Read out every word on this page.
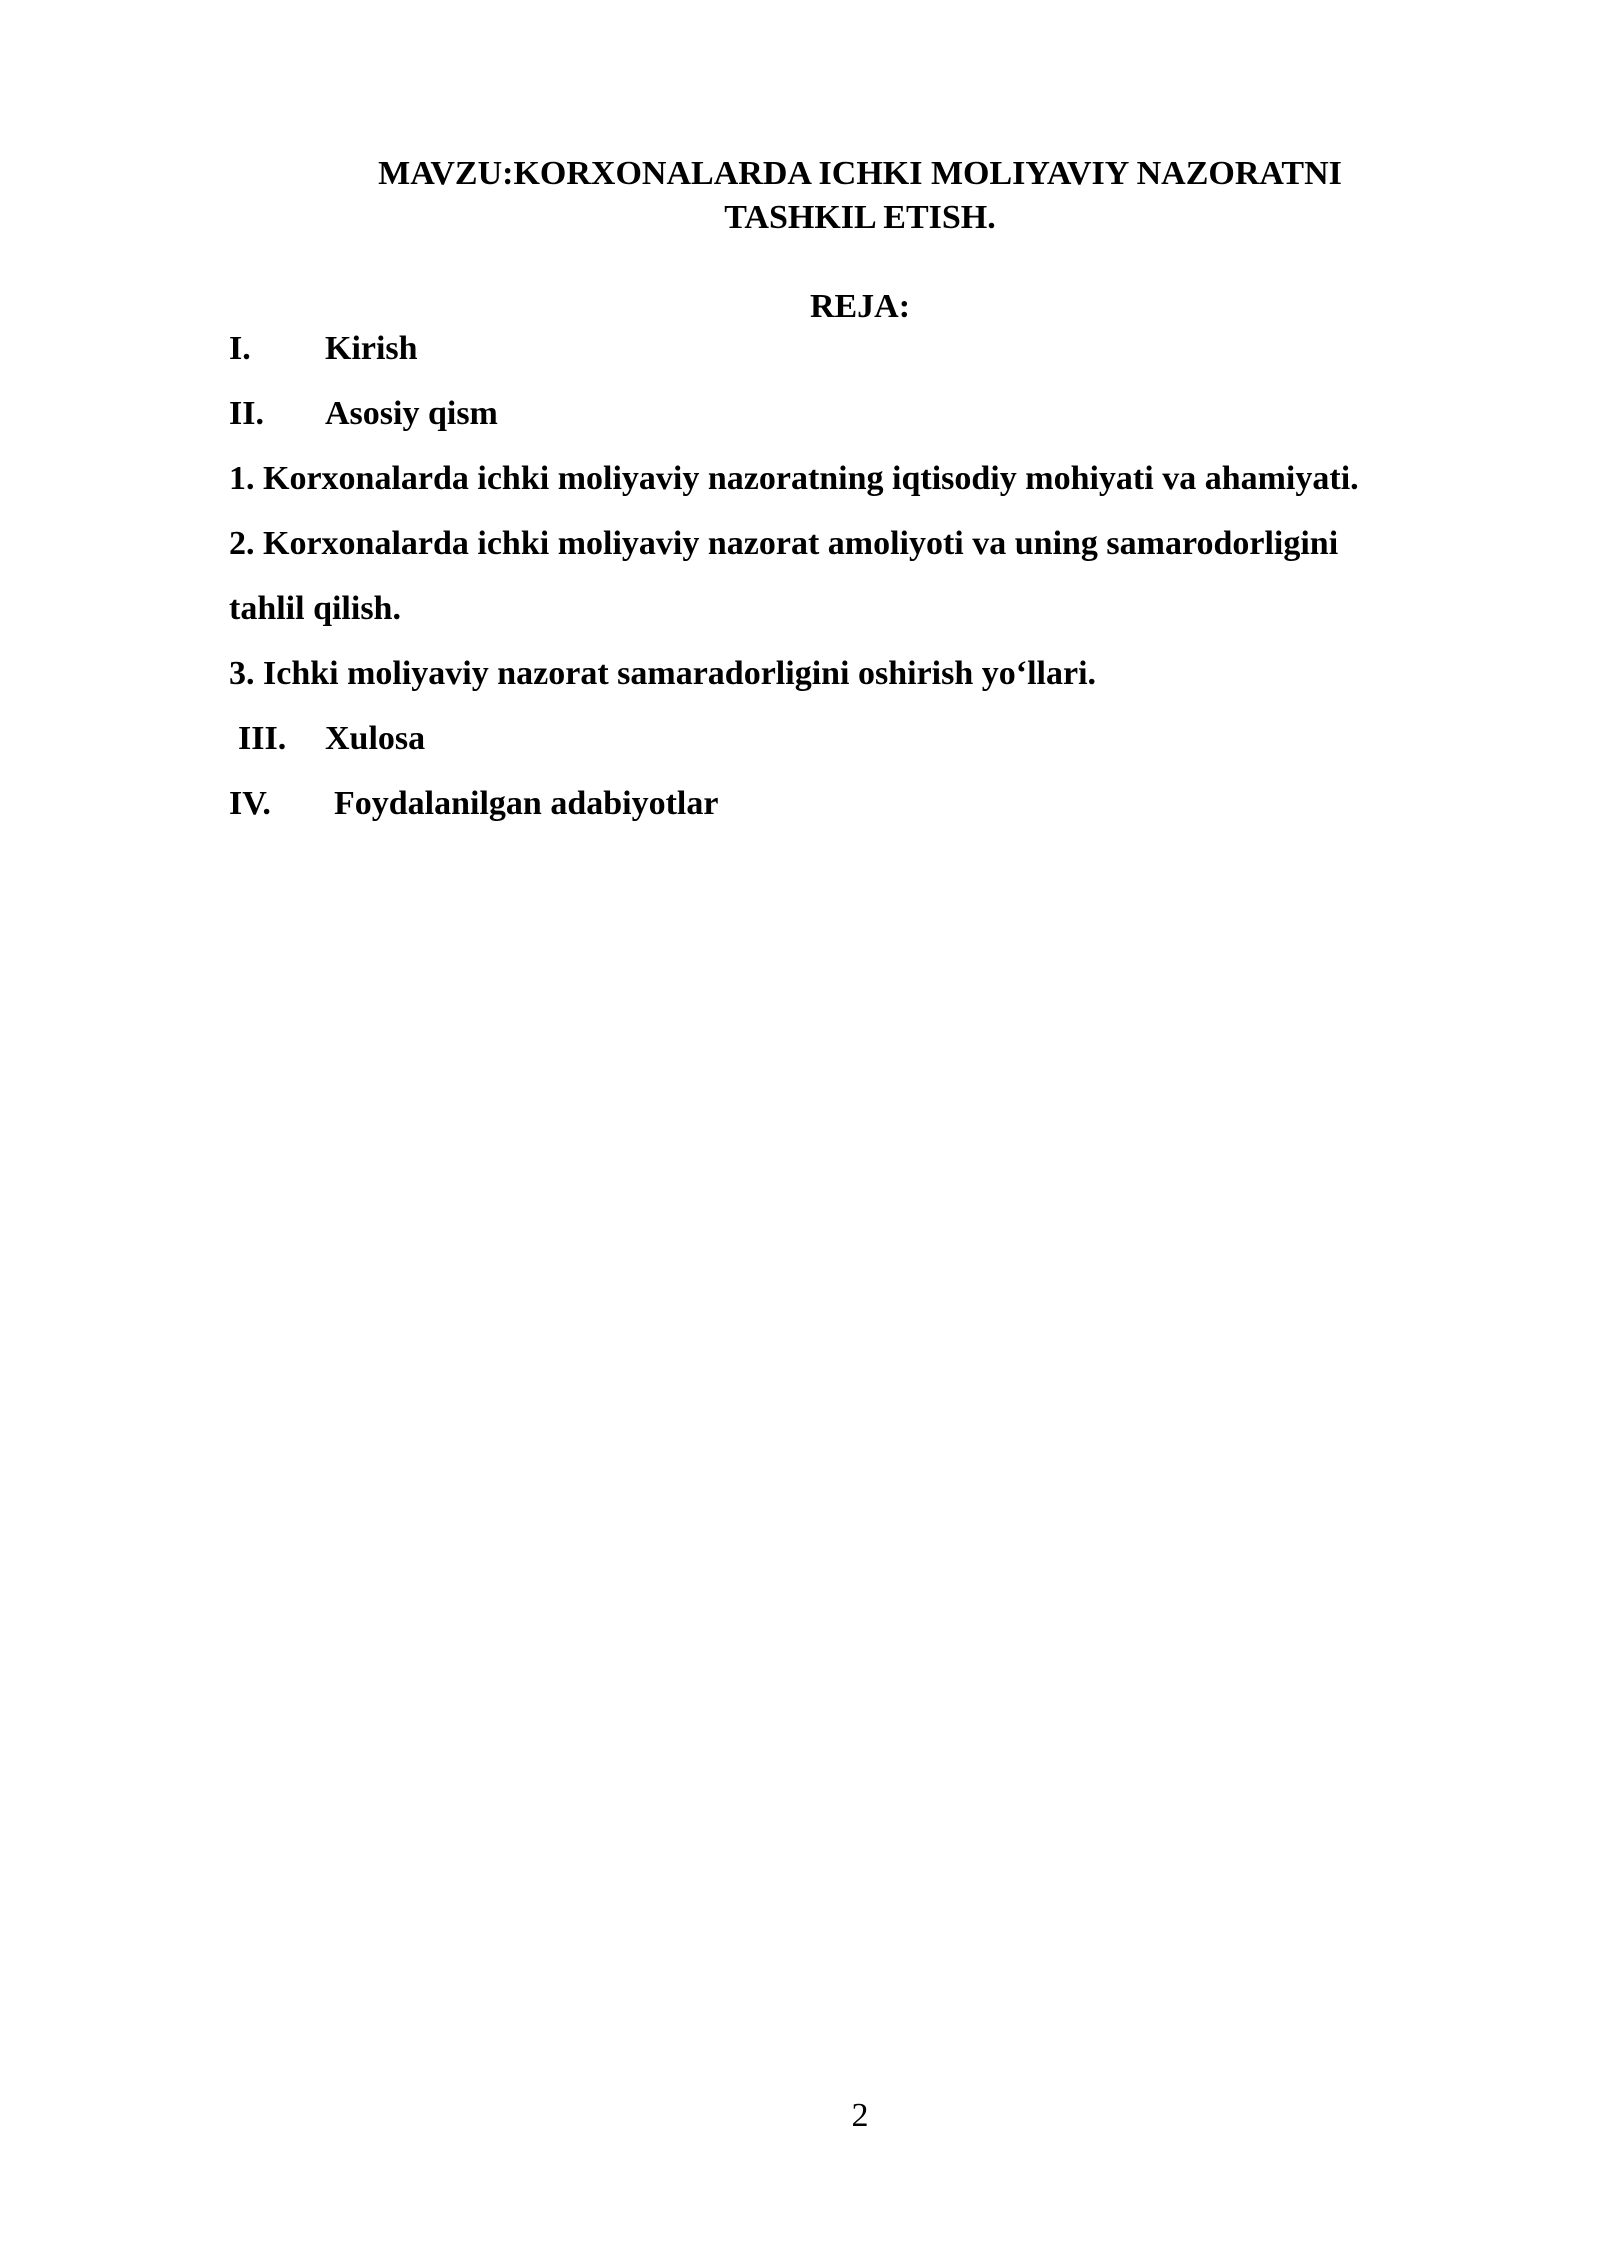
MAVZU:KORXONALARDA ICHKI MOLIYAVIY NAZORATNI
TASHKIL ETISH.
REJA:
I. Kirish
II. Asosiy qism
1. Korxonalarda ichki moliyaviy nazoratning iqtisodiy mohiyati va ahamiyati.
2. Korxonalarda ichki moliyaviy nazorat amoliyoti va uning samarodorligini
tahlil qilish.
3. Ichki moliyaviy nazorat samaradorligini oshirish yo‘llari.
III. Xulosa
IV. Foydalanilgan adabiyotlar
2
